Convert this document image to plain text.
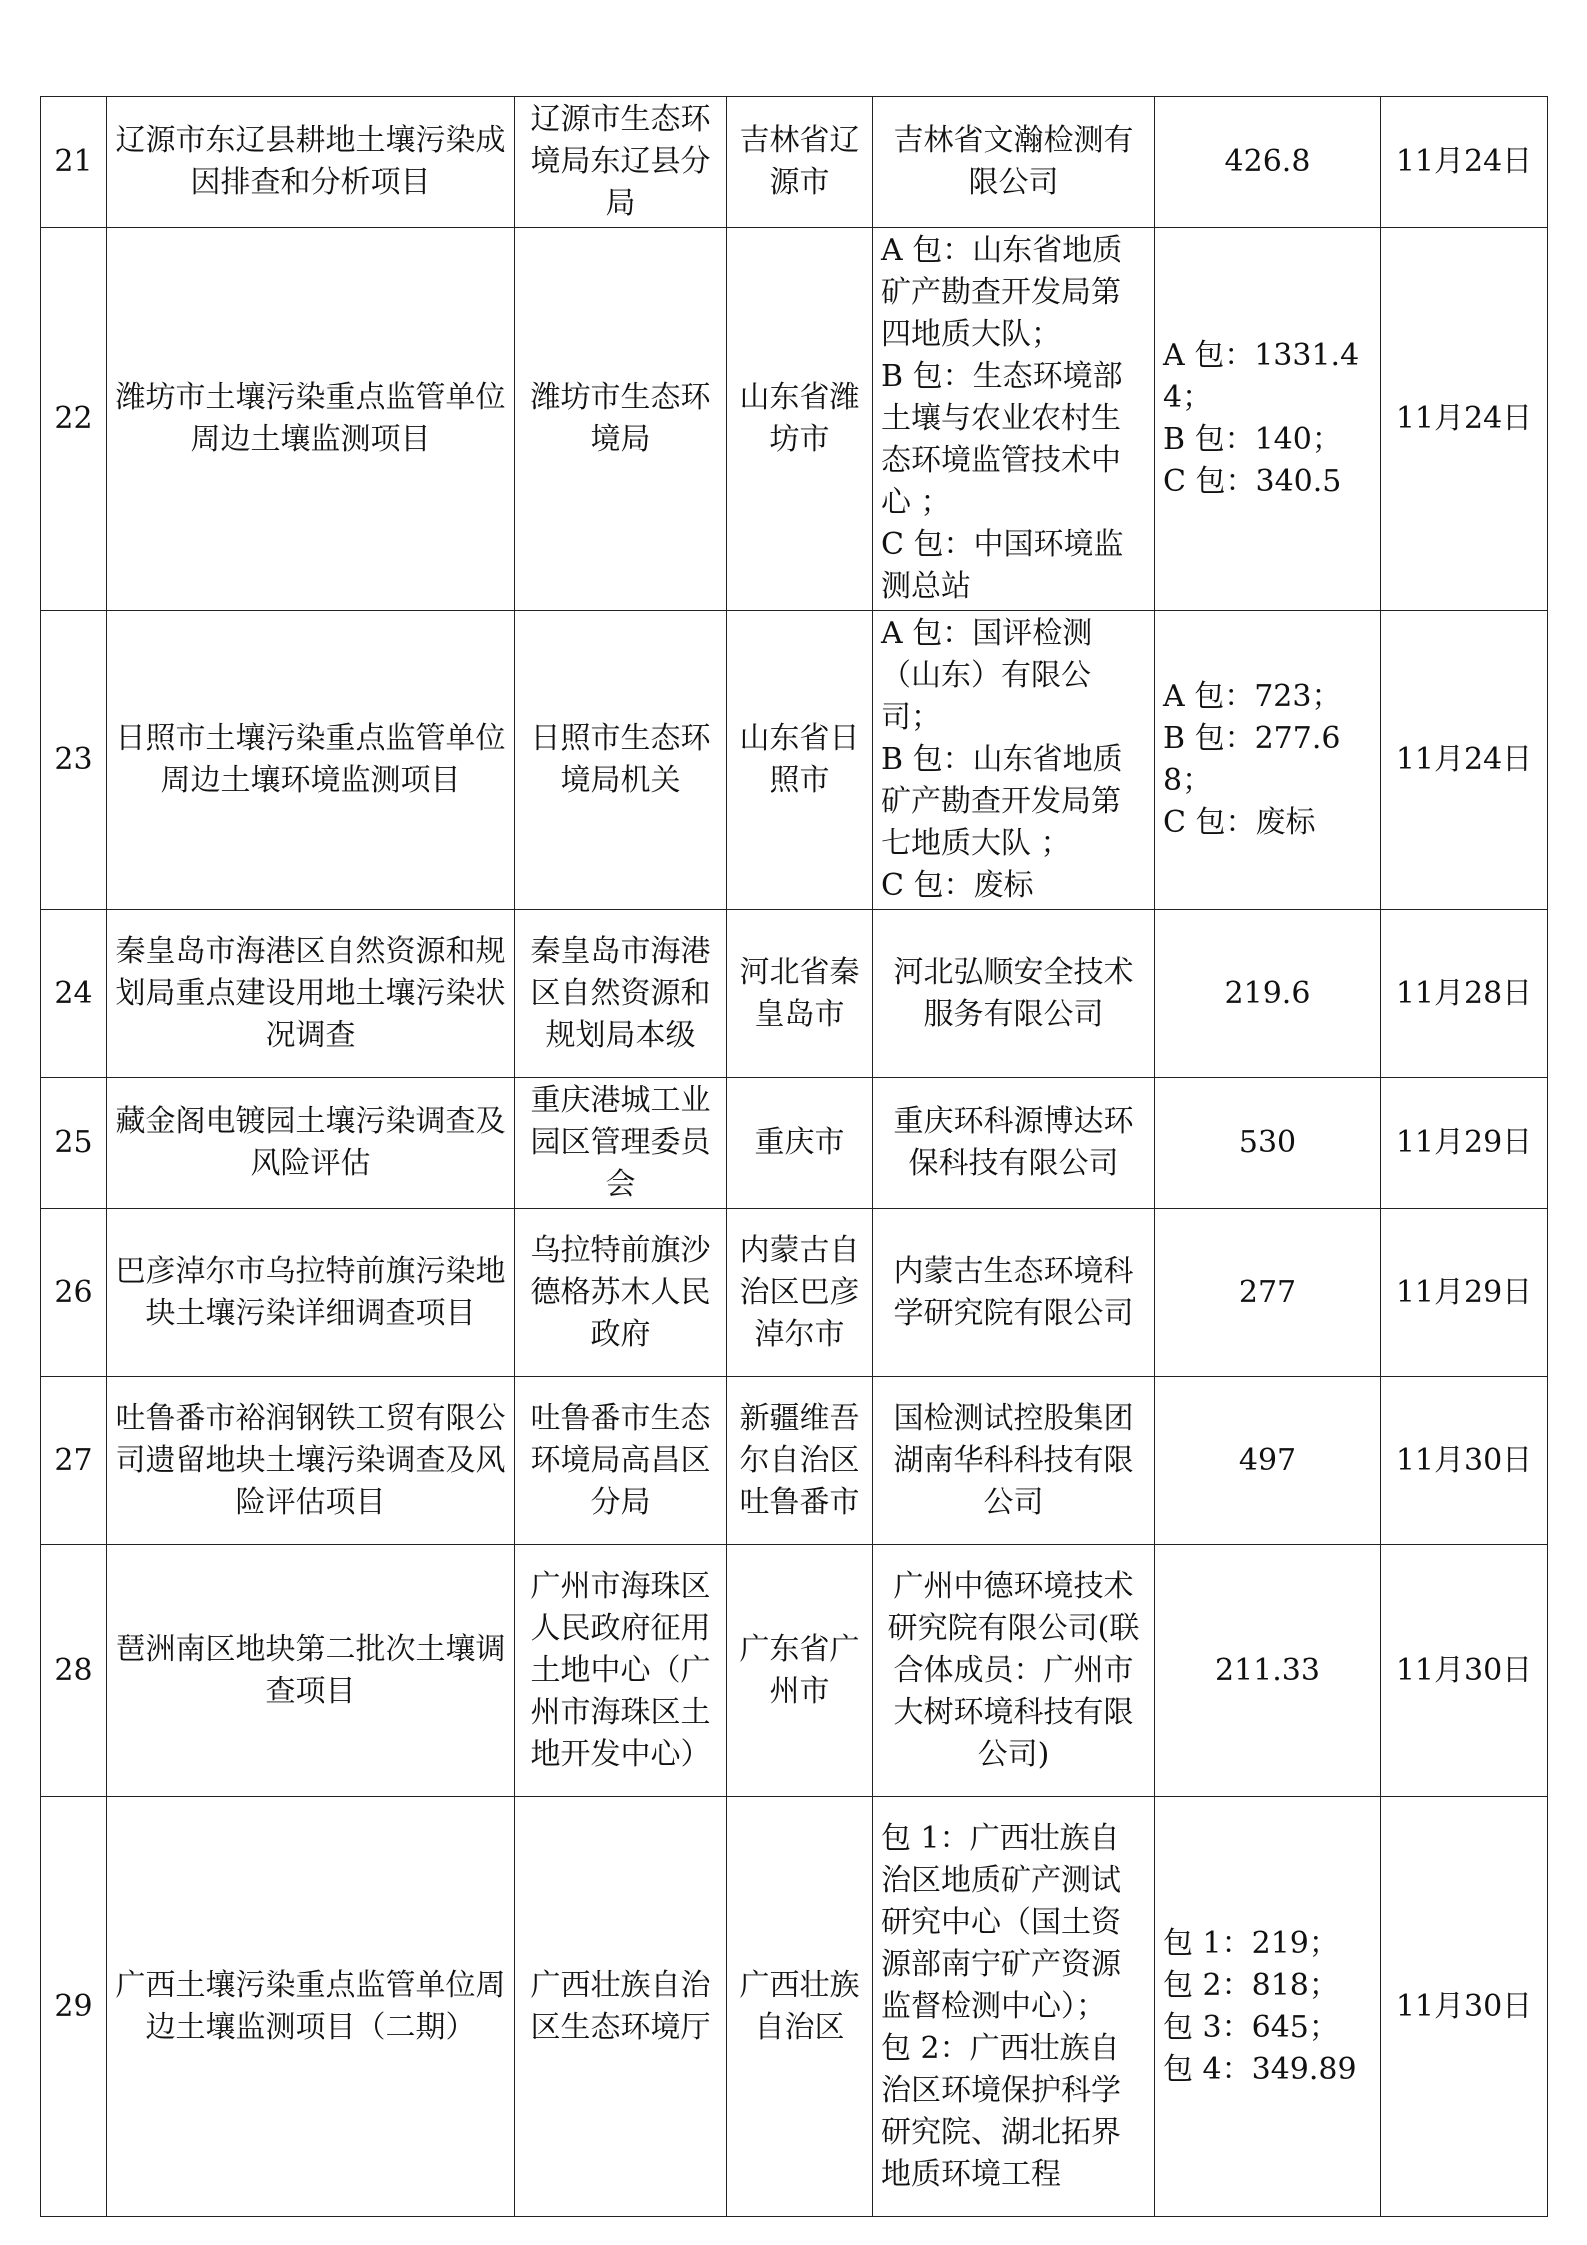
21	辽源市东辽县耕地土壤污染成因排查和分析项目	辽源市生态环境局东辽县分局	吉林省辽源市	吉林省文瀚检测有限公司	426.8	11月24日
22	潍坊市土壤污染重点监管单位周边土壤监测项目	潍坊市生态环境局	山东省潍坊市	A 包：山东省地质矿产勘查开发局第四地质大队；
B 包：生态环境部土壤与农业农村生态环境监管技术中心 ；
C 包：中国环境监测总站	A 包：1331.44；
B 包：140；
C 包：340.5	11月24日
23	日照市土壤污染重点监管单位周边土壤环境监测项目	日照市生态环境局机关	山东省日照市	A 包：国评检测（山东）有限公司；
B 包：山东省地质矿产勘查开发局第七地质大队 ；
C 包：废标	A 包：723；
B 包：277.68；
C 包：废标	11月24日
24	秦皇岛市海港区自然资源和规划局重点建设用地土壤污染状况调查	秦皇岛市海港区自然资源和规划局本级	河北省秦皇岛市	河北弘顺安全技术服务有限公司	219.6	11月28日
25	藏金阁电镀园土壤污染调查及风险评估	重庆港城工业园区管理委员会	重庆市	重庆环科源博达环保科技有限公司	530	11月29日
26	巴彦淖尔市乌拉特前旗污染地块土壤污染详细调查项目	乌拉特前旗沙德格苏木人民政府	内蒙古自治区巴彦淖尔市	内蒙古生态环境科学研究院有限公司	277	11月29日
27	吐鲁番市裕润钢铁工贸有限公司遗留地块土壤污染调查及风险评估项目	吐鲁番市生态环境局高昌区分局	新疆维吾尔自治区吐鲁番市	国检测试控股集团湖南华科科技有限公司	497	11月30日
28	琶洲南区地块第二批次土壤调查项目	广州市海珠区人民政府征用土地中心（广州市海珠区土地开发中心）	广东省广州市	广州中德环境技术研究院有限公司(联合体成员：广州市大树环境科技有限公司)	211.33	11月30日
29	广西土壤污染重点监管单位周边土壤监测项目（二期）	广西壮族自治区生态环境厅	广西壮族自治区	包 1：广西壮族自治区地质矿产测试研究中心（国土资源部南宁矿产资源监督检测中心）；
包 2：广西壮族自治区环境保护科学研究院、湖北拓界地质环境工程	包 1：219；
包 2：818；
包 3：645；
包 4：349.89	11月30日
